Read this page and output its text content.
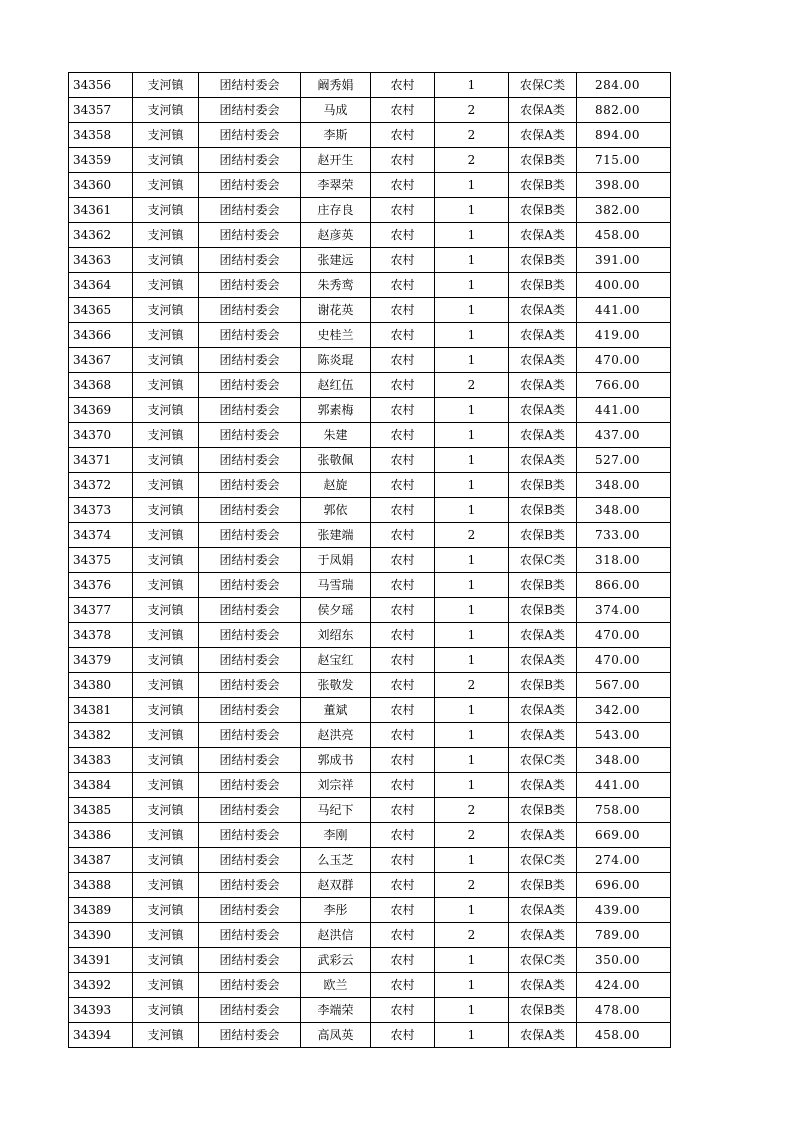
34356	支河镇	团结村委会	阚秀娟	农村	1	农保C类	284.00
34357	支河镇	团结村委会	马成	农村	2	农保A类	882.00
34358	支河镇	团结村委会	李斯	农村	2	农保A类	894.00
34359	支河镇	团结村委会	赵开生	农村	2	农保B类	715.00
34360	支河镇	团结村委会	李翠荣	农村	1	农保B类	398.00
34361	支河镇	团结村委会	庄存良	农村	1	农保B类	382.00
34362	支河镇	团结村委会	赵彦英	农村	1	农保A类	458.00
34363	支河镇	团结村委会	张建远	农村	1	农保B类	391.00
34364	支河镇	团结村委会	朱秀鸾	农村	1	农保B类	400.00
34365	支河镇	团结村委会	谢花英	农村	1	农保A类	441.00
34366	支河镇	团结村委会	史桂兰	农村	1	农保A类	419.00
34367	支河镇	团结村委会	陈炎琨	农村	1	农保A类	470.00
34368	支河镇	团结村委会	赵红伍	农村	2	农保A类	766.00
34369	支河镇	团结村委会	郭素梅	农村	1	农保A类	441.00
34370	支河镇	团结村委会	朱建	农村	1	农保A类	437.00
34371	支河镇	团结村委会	张敬佩	农村	1	农保A类	527.00
34372	支河镇	团结村委会	赵旋	农村	1	农保B类	348.00
34373	支河镇	团结村委会	郭依	农村	1	农保B类	348.00
34374	支河镇	团结村委会	张建端	农村	2	农保B类	733.00
34375	支河镇	团结村委会	于凤娟	农村	1	农保C类	318.00
34376	支河镇	团结村委会	马雪瑞	农村	1	农保B类	866.00
34377	支河镇	团结村委会	侯夕瑶	农村	1	农保B类	374.00
34378	支河镇	团结村委会	刘绍东	农村	1	农保A类	470.00
34379	支河镇	团结村委会	赵宝红	农村	1	农保A类	470.00
34380	支河镇	团结村委会	张敬发	农村	2	农保B类	567.00
34381	支河镇	团结村委会	董斌	农村	1	农保A类	342.00
34382	支河镇	团结村委会	赵洪亮	农村	1	农保A类	543.00
34383	支河镇	团结村委会	郭成书	农村	1	农保C类	348.00
34384	支河镇	团结村委会	刘宗祥	农村	1	农保A类	441.00
34385	支河镇	团结村委会	马纪下	农村	2	农保B类	758.00
34386	支河镇	团结村委会	李刚	农村	2	农保A类	669.00
34387	支河镇	团结村委会	么玉芝	农村	1	农保C类	274.00
34388	支河镇	团结村委会	赵双群	农村	2	农保B类	696.00
34389	支河镇	团结村委会	李彤	农村	1	农保A类	439.00
34390	支河镇	团结村委会	赵洪信	农村	2	农保A类	789.00
34391	支河镇	团结村委会	武彩云	农村	1	农保C类	350.00
34392	支河镇	团结村委会	欧兰	农村	1	农保A类	424.00
34393	支河镇	团结村委会	李端荣	农村	1	农保B类	478.00
34394	支河镇	团结村委会	高凤英	农村	1	农保A类	458.00
